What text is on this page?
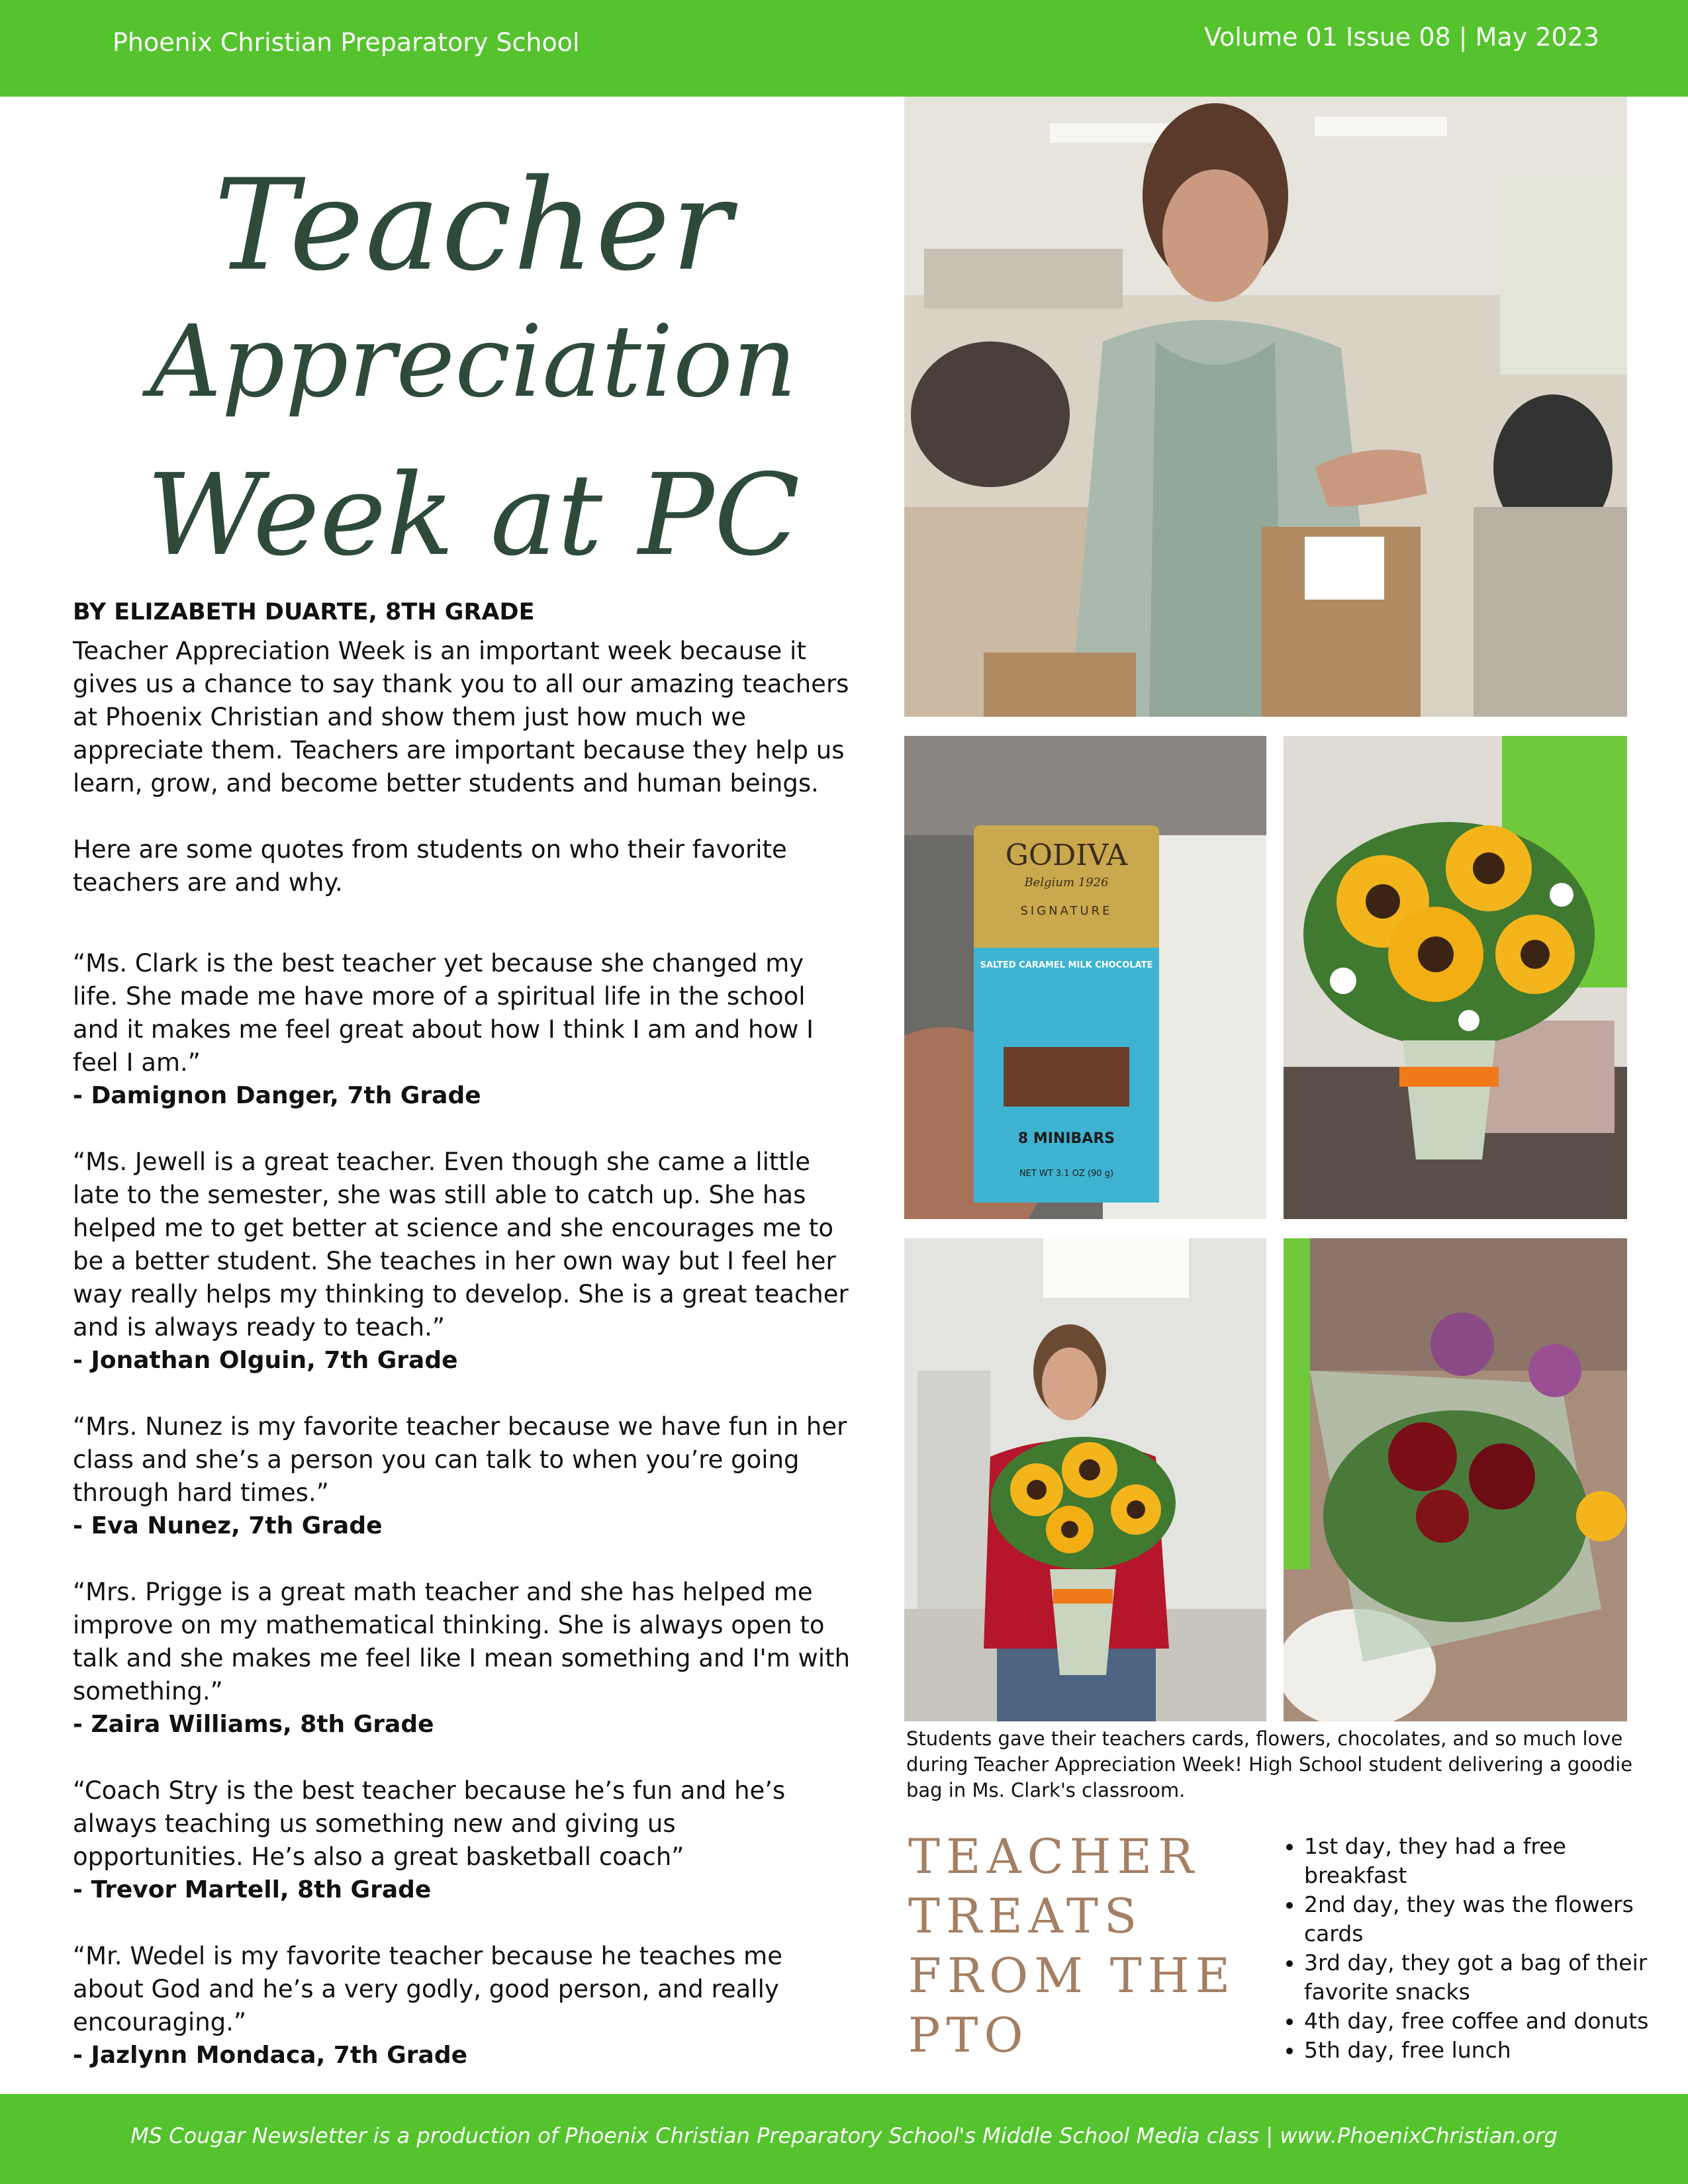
Phoenix Christian Preparatory School	Volume 01 Issue 08 | May 2023
Teacher
Appreciation
Week at PC

BY ELIZABETH DUARTE, 8TH GRADE

Teacher Appreciation Week is an important week because it gives us a chance to say thank you to all our amazing teachers at Phoenix Christian and show them just how much we appreciate them. Teachers are important because they help us learn, grow, and become better students and human beings.

Here are some quotes from students on who their favorite teachers are and why.

“Ms. Clark is the best teacher yet because she changed my life. She made me have more of a spiritual life in the school and it makes me feel great about how I think I am and how I feel I am.”

- Damignon Danger, 7th Grade

“Ms. Jewell is a great teacher. Even though she came a little late to the semester, she was still able to catch up. She has helped me to get better at science and she encourages me to be a better student. She teaches in her own way but I feel her way really helps my thinking to develop. She is a great teacher and is always ready to teach.”

- Jonathan Olguin, 7th Grade

“Mrs. Nunez is my favorite teacher because we have fun in her class and she’s a person you can talk to when you’re going through hard times.”

- Eva Nunez, 7th Grade

“Mrs. Prigge is a great math teacher and she has helped me improve on my mathematical thinking. She is always open to talk and she makes me feel like I mean something and I'm with something.”

- Zaira Williams, 8th Grade

“Coach Stry is the best teacher because he’s fun and he’s always teaching us something new and giving us opportunities. He’s also a great basketball coach”

- Trevor Martell, 8th Grade

“Mr. Wedel is my favorite teacher because he teaches me about God and he’s a very godly, good person, and really encouraging.”

- Jazlynn Mondaca, 7th Grade

GODIVA
Belgium 1926
SIGNATURE
SALTED CARAMEL MILK CHOCOLATE
8 MINIBARS
NET WT 3.1 OZ (90 g)
Students gave their teachers cards, flowers, chocolates, and so much love during Teacher Appreciation Week! High School student delivering a goodie bag in Ms. Clark's classroom.
TEACHER
TREATS
FROM THE
PTO
• 1st day, they had a free breakfast
• 2nd day, they was the flowers cards
• 3rd day, they got a bag of their favorite snacks
• 4th day, free coffee and donuts
• 5th day, free lunch
MS Cougar Newsletter is a production of Phoenix Christian Preparatory School's Middle School Media class | www.PhoenixChristian.org
